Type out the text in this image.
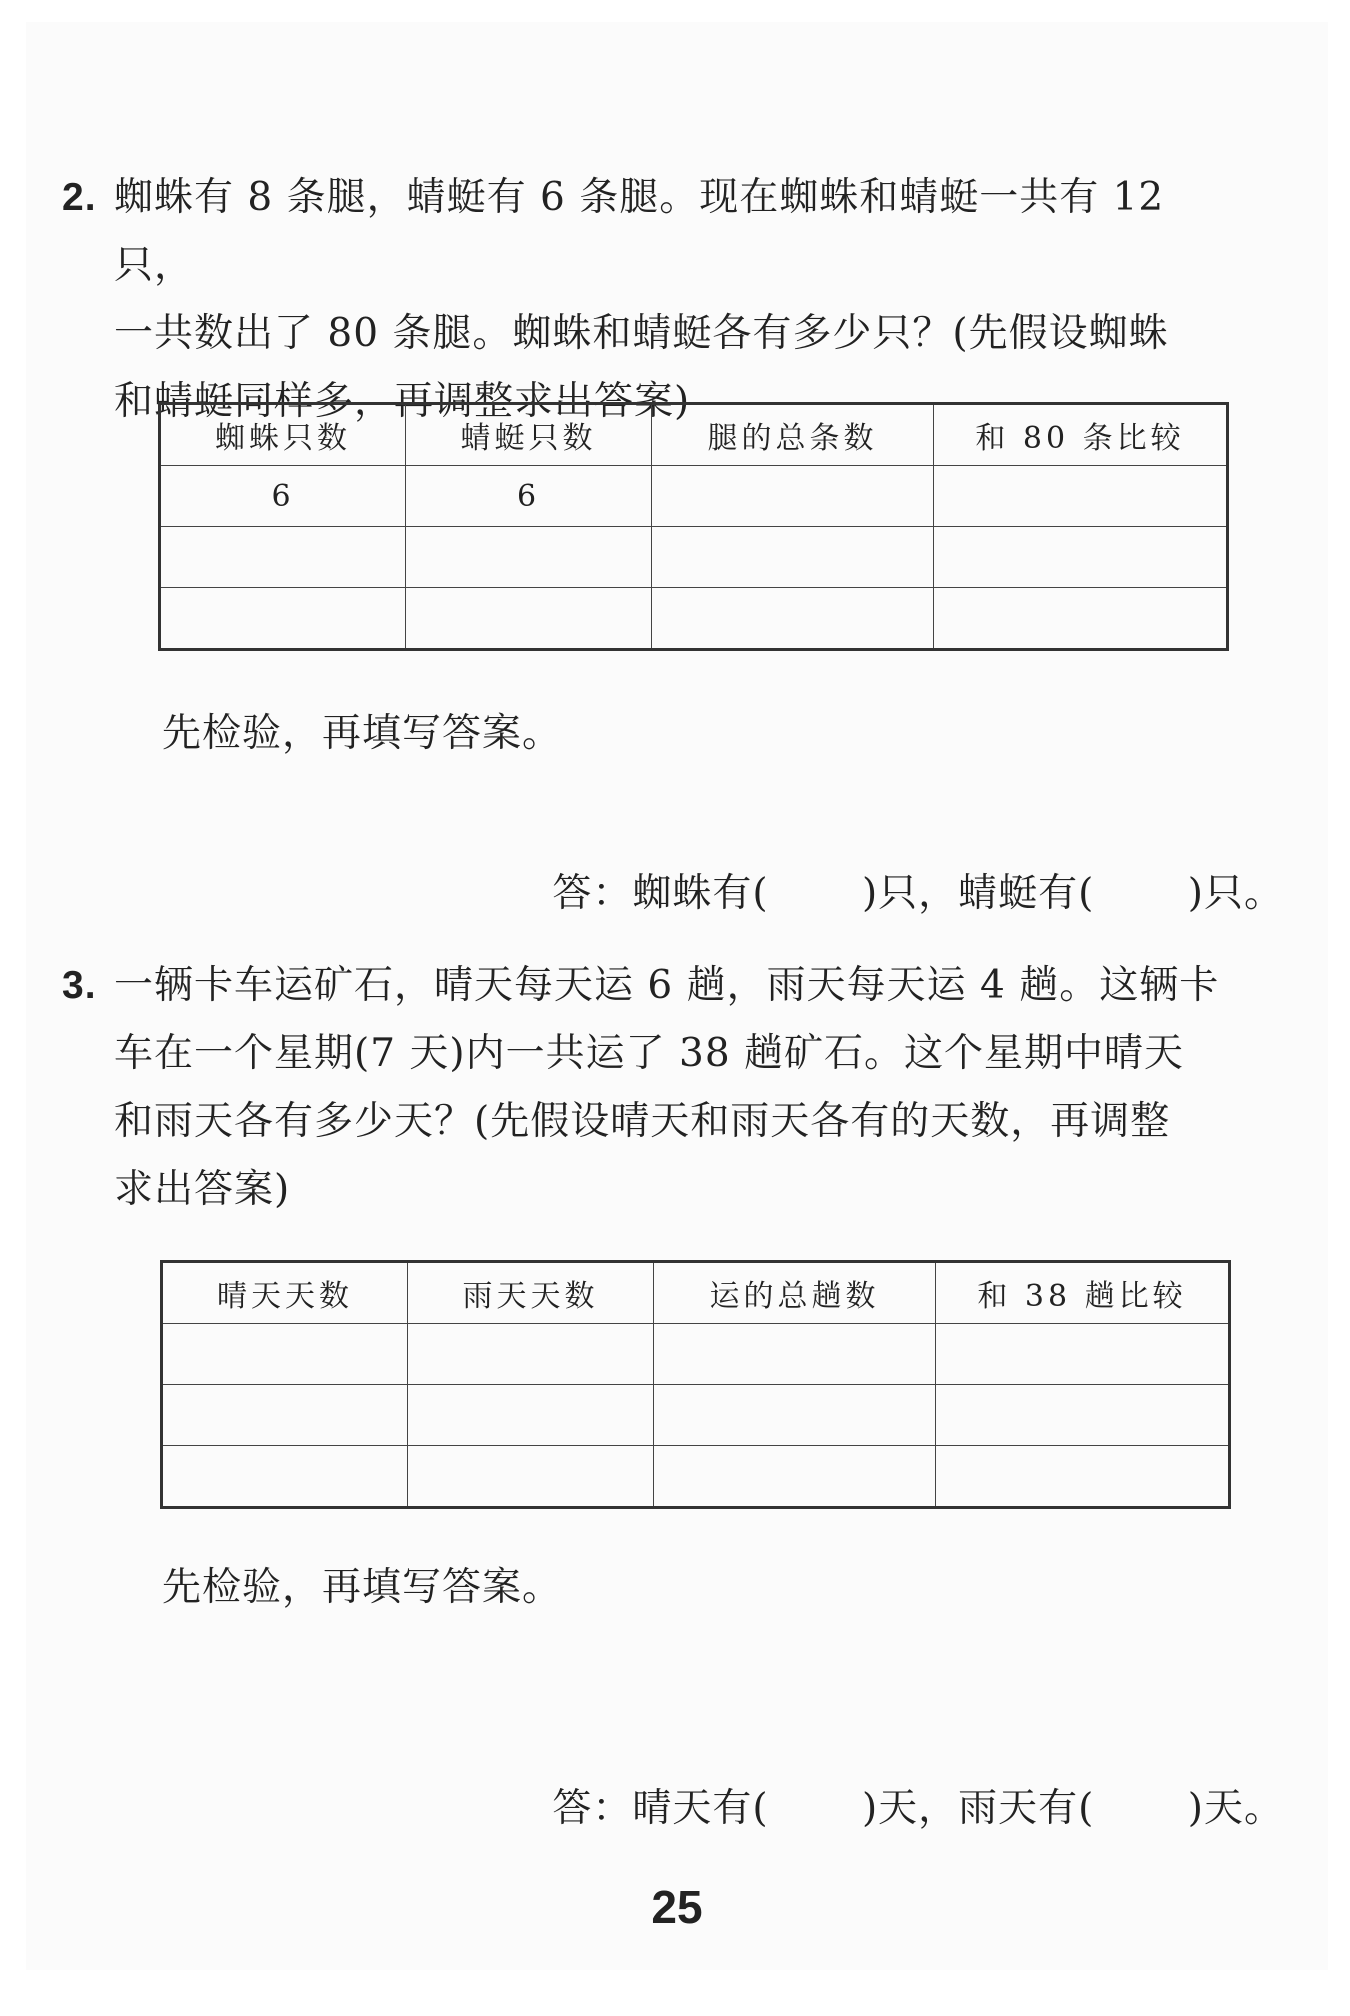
2. 蜘蛛有 8 条腿，蜻蜓有 6 条腿。现在蜘蛛和蜻蜓一共有 12 只，
一共数出了 80 条腿。蜘蛛和蜻蜓各有多少只？(先假设蜘蛛
和蜻蜓同样多，再调整求出答案)
蜘蛛只数	蜻蜓只数	腿的总条数	和 80 条比较
6	6		

先检验，再填写答案。
答：蜘蛛有(　　 )只，蜻蜓有(　　 )只。
3. 一辆卡车运矿石，晴天每天运 6 趟，雨天每天运 4 趟。这辆卡
车在一个星期(7 天)内一共运了 38 趟矿石。这个星期中晴天
和雨天各有多少天？(先假设晴天和雨天各有的天数，再调整
求出答案)
晴天天数	雨天天数	运的总趟数	和 38 趟比较

先检验，再填写答案。
答：晴天有(　　 )天，雨天有(　　 )天。
25
